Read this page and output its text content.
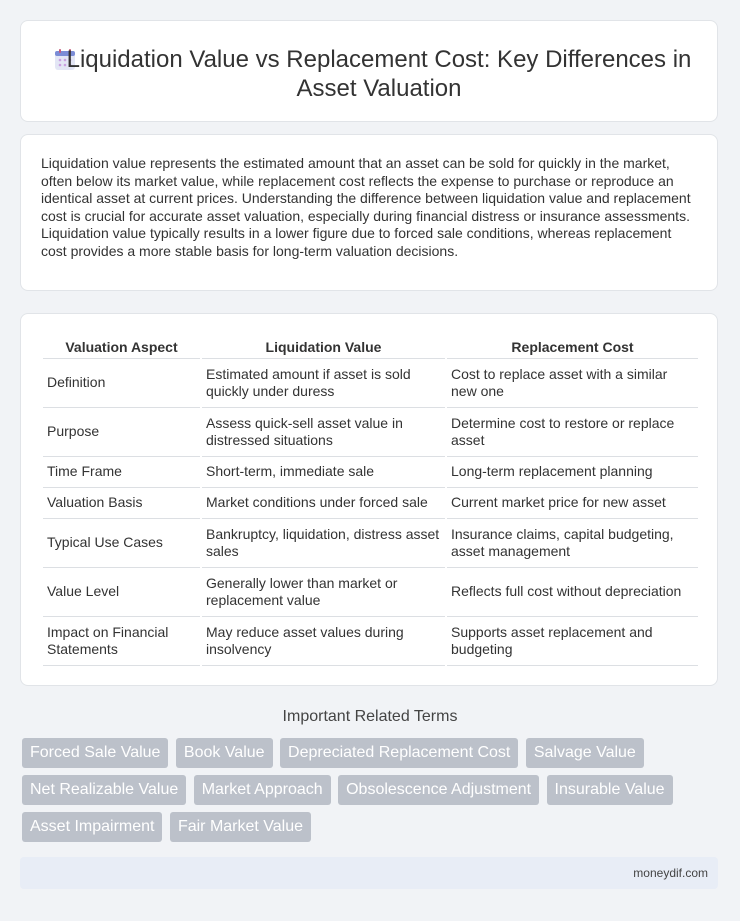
Liquidation Value vs Replacement Cost: Key Differences in Asset Valuation

Liquidation value represents the estimated amount that an asset can be sold for quickly in the market, often below its market value, while replacement cost reflects the expense to purchase or reproduce an identical asset at current prices. Understanding the difference between liquidation value and replacement cost is crucial for accurate asset valuation, especially during financial distress or insurance assessments. Liquidation value typically results in a lower figure due to forced sale conditions, whereas replacement cost provides a more stable basis for long-term valuation decisions.

Valuation Aspect	Liquidation Value	Replacement Cost
Definition	Estimated amount if asset is sold quickly under duress	Cost to replace asset with a similar new one
Purpose	Assess quick-sell asset value in distressed situations	Determine cost to restore or replace asset
Time Frame	Short-term, immediate sale	Long-term replacement planning
Valuation Basis	Market conditions under forced sale	Current market price for new asset
Typical Use Cases	Bankruptcy, liquidation, distress asset sales	Insurance claims, capital budgeting, asset management
Value Level	Generally lower than market or replacement value	Reflects full cost without depreciation
Impact on Financial Statements	May reduce asset values during insolvency	Supports asset replacement and budgeting
Important Related Terms
Forced Sale Value Book Value Depreciated Replacement Cost Salvage Value
Net Realizable Value Market Approach Obsolescence Adjustment Insurable Value
Asset Impairment Fair Market Value
moneydif.com
